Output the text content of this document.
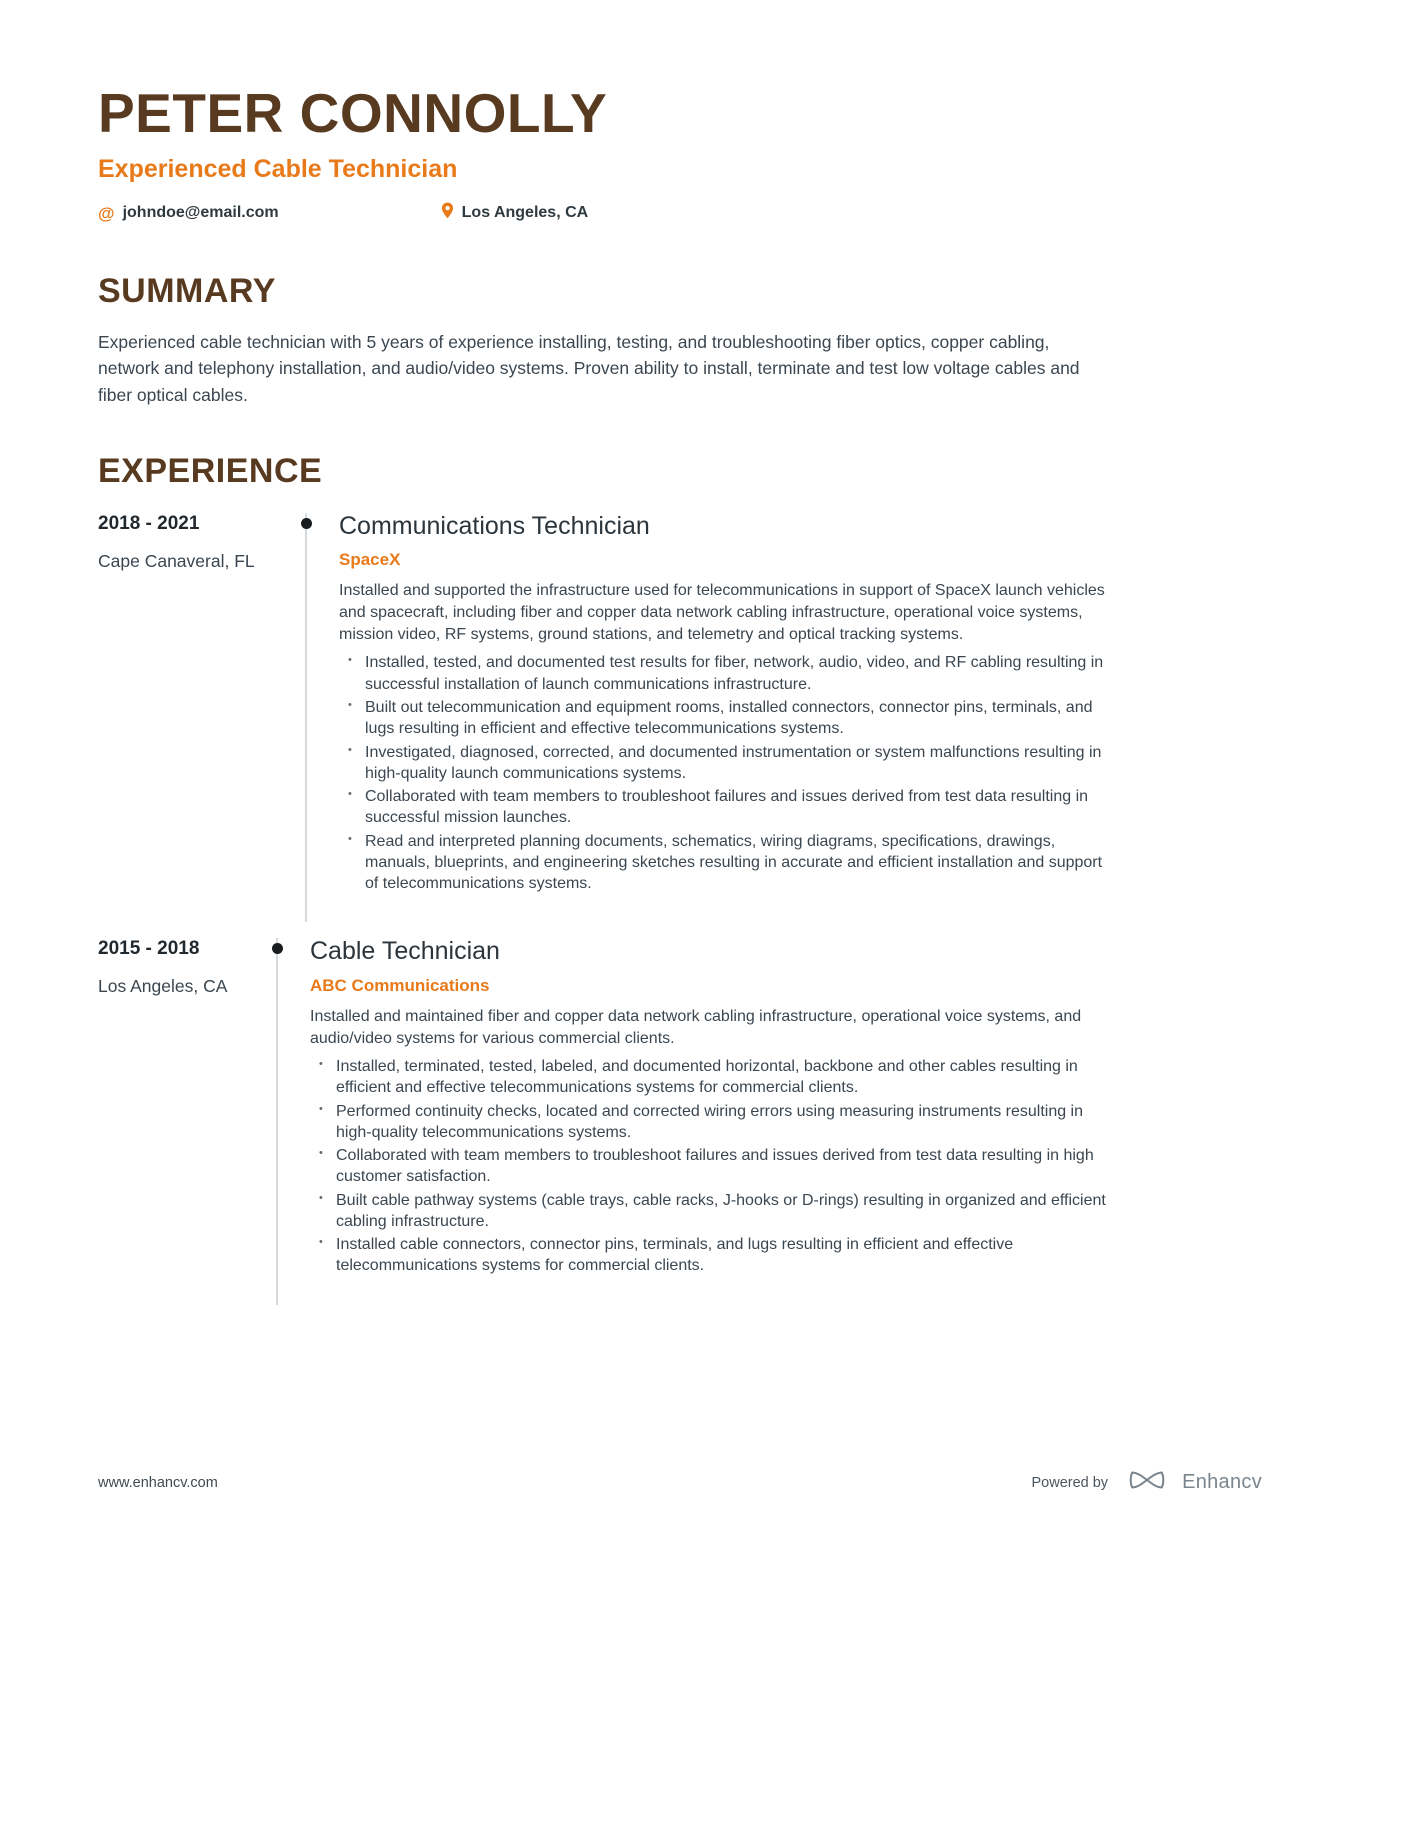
PETER CONNOLLY
Experienced Cable Technician
@ johndoe@email.com	Los Angeles, CA
SUMMARY

Experienced cable technician with 5 years of experience installing, testing, and troubleshooting fiber optics, copper cabling, network and telephony installation, and audio/video systems. Proven ability to install, terminate and test low voltage cables and fiber optical cables.

EXPERIENCE
2018 - 2021
Cape Canaveral, FL
Communications Technician
SpaceX

Installed and supported the infrastructure used for telecommunications in support of SpaceX launch vehicles and spacecraft, including fiber and copper data network cabling infrastructure, operational voice systems, mission video, RF systems, ground stations, and telemetry and optical tracking systems.

• Installed, tested, and documented test results for fiber, network, audio, video, and RF cabling resulting in successful installation of launch communications infrastructure.
• Built out telecommunication and equipment rooms, installed connectors, connector pins, terminals, and lugs resulting in efficient and effective telecommunications systems.
• Investigated, diagnosed, corrected, and documented instrumentation or system malfunctions resulting in high-quality launch communications systems.
• Collaborated with team members to troubleshoot failures and issues derived from test data resulting in successful mission launches.
• Read and interpreted planning documents, schematics, wiring diagrams, specifications, drawings, manuals, blueprints, and engineering sketches resulting in accurate and efficient installation and support of telecommunications systems.
2015 - 2018
Los Angeles, CA
Cable Technician
ABC Communications

Installed and maintained fiber and copper data network cabling infrastructure, operational voice systems, and audio/video systems for various commercial clients.

• Installed, terminated, tested, labeled, and documented horizontal, backbone and other cables resulting in efficient and effective telecommunications systems for commercial clients.
• Performed continuity checks, located and corrected wiring errors using measuring instruments resulting in high-quality telecommunications systems.
• Collaborated with team members to troubleshoot failures and issues derived from test data resulting in high customer satisfaction.
• Built cable pathway systems (cable trays, cable racks, J-hooks or D-rings) resulting in organized and efficient cabling infrastructure.
• Installed cable connectors, connector pins, terminals, and lugs resulting in efficient and effective telecommunications systems for commercial clients.
www.enhancv.com	Powered by	Enhancv
